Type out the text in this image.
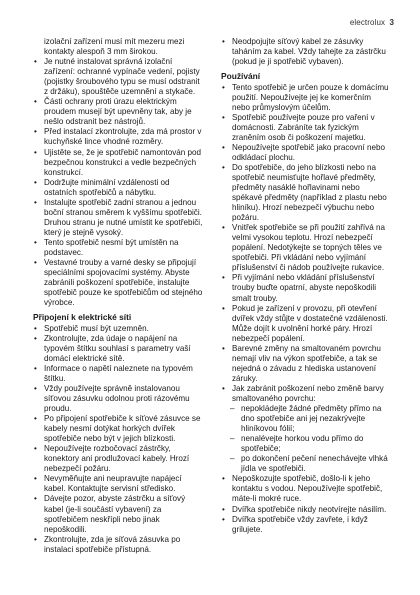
electrolux 3
izolační zařízení musí mít mezeru mezi kontakty alespoň 3 mm širokou.
• Je nutné instalovat správná izolační zařízení: ochranné vypínače vedení, pojisty (pojistky šroubového typu se musí odstranit z držáku), spouštěče uzemnění a stykače.
• Části ochrany proti úrazu elektrickým proudem musejí být upevněny tak, aby je nešlo odstranit bez nástrojů.
• Před instalací zkontrolujte, zda má prostor v kuchyňské lince vhodné rozměry.
• Ujistěte se, že je spotřebič namontován pod bezpečnou konstrukci a vedle bezpečných konstrukcí.
• Dodržujte minimální vzdálenosti od ostatních spotřebičů a nábytku.
• Instalujte spotřebič zadní stranou a jednou boční stranou směrem k vyššímu spotřebiči. Druhou stranu je nutné umístit ke spotřebiči, který je stejně vysoký.
• Tento spotřebič nesmí být umístěn na podstavec.
• Vestavné trouby a varné desky se připojují speciálními spojovacími systémy. Abyste zabránili poškození spotřebiče, instalujte spotřebič pouze ke spotřebičům od stejného výrobce.
Připojení k elektrické síti
• Spotřebič musí být uzemněn.
• Zkontrolujte, zda údaje o napájení na typovém štítku souhlasí s parametry vaší domácí elektrické sítě.
• Informace o napětí naleznete na typovém štítku.
• Vždy používejte správně instalovanou síťovou zásuvku odolnou proti rázovému proudu.
• Po připojení spotřebiče k síťové zásuvce se kabely nesmí dotýkat horkých dvířek spotřebiče nebo být v jejich blízkosti.
• Nepoužívejte rozbočovací zástrčky, konektory ani prodlužovací kabely. Hrozí nebezpečí požáru.
• Nevyměňujte ani neupravujte napájecí kabel. Kontaktujte servisní středisko.
• Dávejte pozor, abyste zástrčku a síťový kabel (je-li součástí vybavení) za spotřebičem neskřípli nebo jinak nepoškodili.
• Zkontrolujte, zda je síťová zásuvka po instalaci spotřebiče přístupná.
• Neodpojujte síťový kabel ze zásuvky taháním za kabel. Vždy tahejte za zástrčku (pokud je ji spotřebič vybaven).
Používání
• Tento spotřebič je určen pouze k domácímu použití. Nepoužívejte jej ke komerčním nebo průmyslovým účelům.
• Spotřebič používejte pouze pro vaření v domácnosti. Zabráníte tak fyzickým zraněním osob či poškození majetku.
• Nepoužívejte spotřebič jako pracovní nebo odkládací plochu.
• Do spotřebiče, do jeho blízkosti nebo na spotřebič neumisťujte hořlavé předměty, předměty nasáklé hořlavinami nebo spékavé předměty (například z plastu nebo hliníku). Hrozí nebezpečí výbuchu nebo požáru.
• Vnitřek spotřebiče se při použití zahřívá na velmi vysokou teplotu. Hrozí nebezpečí popálení. Nedotýkejte se topných těles ve spotřebiči. Při vkládání nebo vyjímání příslušenství či nádob používejte rukavice.
• Při vyjímání nebo vkládání příslušenství trouby buďte opatrní, abyste nepoškodili smalt trouby.
• Pokud je zařízení v provozu, při otevření dvířek vždy stůjte v dostatečné vzdálenosti. Může dojít k uvolnění horké páry. Hrozí nebezpečí popálení.
• Barevné změny na smaltovaném povrchu nemají vliv na výkon spotřebiče, a tak se nejedná o závadu z hlediska ustanovení záruky.
• Jak zabránit poškození nebo změně barvy smaltovaného povrchu:
– nepokládejte žádné předměty přímo na dno spotřebiče ani jej nezakrývejte hliníkovou fólií;
– nenalévejte horkou vodu přímo do spotřebiče;
– po dokončení pečení nenechávejte vlhká jídla ve spotřebiči.
• Nepoškozujte spotřebič, došlo-li k jeho kontaktu s vodou. Nepoužívejte spotřebič, máte-li mokré ruce.
• Dvířka spotřebiče nikdy neotvírejte násilím.
• Dvířka spotřebiče vždy zavřete, i když grilujete.
